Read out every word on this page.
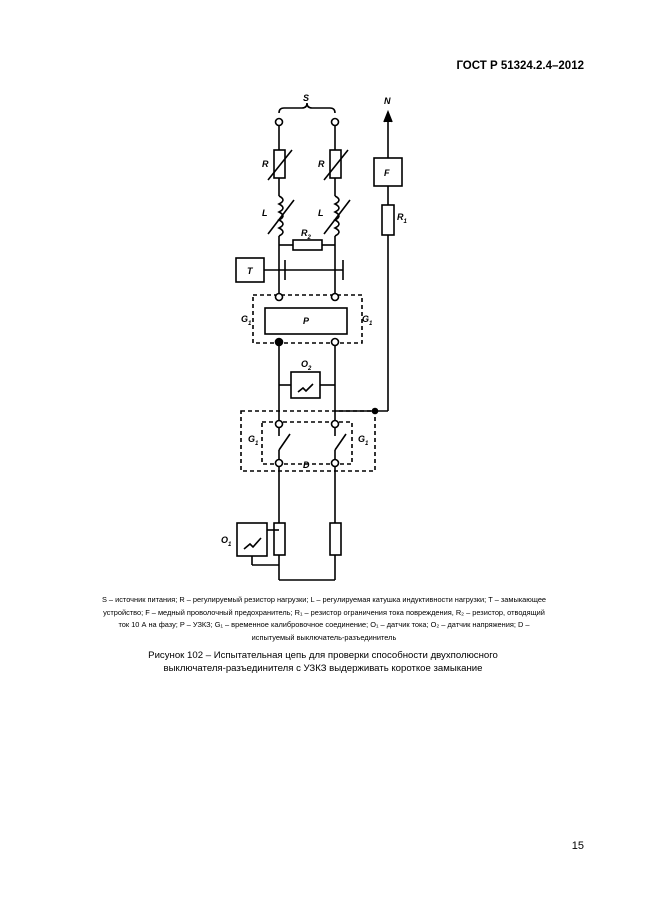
ГОСТ Р 51324.2.4–2012
S	N
F
$R_1$
R	R
L	L
$R_2$
T
P
$G_1$	$G_1$
$O_2$
$G_1$	$G_1$
D
$O_1$
S – источник питания; R – регулируемый резистор нагрузки; L – регулируемая катушка индуктивности нагрузки; T – замыкающее
устройство; F – медный проволочный предохранитель; R₁ – резистор ограничения тока повреждения, R₂ – резистор, отводящий
ток 10 А на фазу; P – УЗКЗ; G₁ – временное калибровочное соединение; O₁ – датчик тока; O₂ – датчик напряжения; D –
испытуемый выключатель-разъединитель
Рисунок 102 – Испытательная цепь для проверки способности двухполюсного
выключателя-разъединителя с УЗКЗ выдерживать короткое замыкание
15
